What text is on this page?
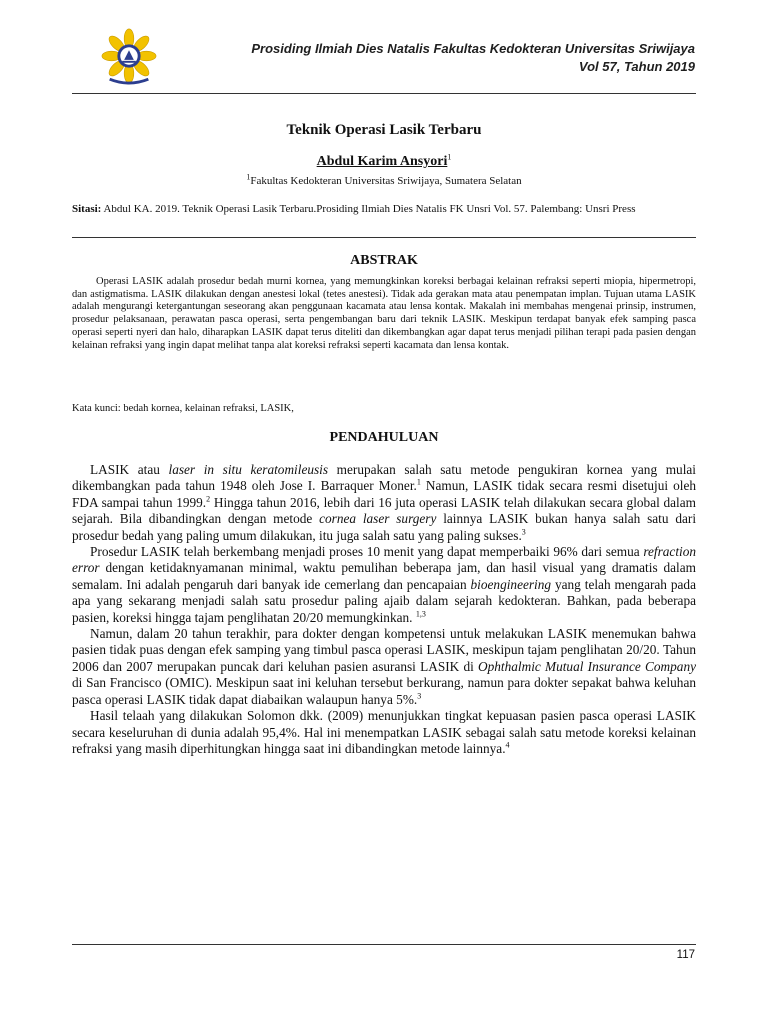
Prosiding Ilmiah Dies Natalis Fakultas Kedokteran Universitas Sriwijaya
Vol 57, Tahun 2019
Teknik Operasi Lasik Terbaru
Abdul Karim Ansyori$^1$
$^1$Fakultas Kedokteran Universitas Sriwijaya, Sumatera Selatan
Sitasi: Abdul KA. 2019. Teknik Operasi Lasik Terbaru.Prosiding Ilmiah Dies Natalis FK Unsri Vol. 57. Palembang: Unsri Press
ABSTRAK

Operasi LASIK adalah prosedur bedah murni kornea, yang memungkinkan koreksi berbagai kelainan refraksi seperti miopia, hipermetropi, dan astigmatisma. LASIK dilakukan dengan anestesi lokal (tetes anestesi). Tidak ada gerakan mata atau penempatan implan. Tujuan utama LASIK adalah mengurangi ketergantungan seseorang akan penggunaan kacamata atau lensa kontak. Makalah ini membahas mengenai prinsip, instrumen, prosedur pelaksanaan, perawatan pasca operasi, serta pengembangan baru dari teknik LASIK. Meskipun terdapat banyak efek samping pasca operasi seperti nyeri dan halo, diharapkan LASIK dapat terus diteliti dan dikembangkan agar dapat terus menjadi pilihan terapi pada pasien dengan kelainan refraksi yang ingin dapat melihat tanpa alat koreksi refraksi seperti kacamata dan lensa kontak.

Kata kunci: bedah kornea, kelainan refraksi, LASIK,
PENDAHULUAN

LASIK atau laser in situ keratomileusis merupakan salah satu metode pengukiran kornea yang mulai dikembangkan pada tahun 1948 oleh Jose I. Barraquer Moner.$^1$ Namun, LASIK tidak secara resmi disetujui oleh FDA sampai tahun 1999.$^2$ Hingga tahun 2016, lebih dari 16 juta operasi LASIK telah dilakukan secara global dalam sejarah. Bila dibandingkan dengan metode cornea laser surgery lainnya LASIK bukan hanya salah satu dari prosedur bedah yang paling umum dilakukan, itu juga salah satu yang paling sukses.$^3$

Prosedur LASIK telah berkembang menjadi proses 10 menit yang dapat memperbaiki 96% dari semua refraction error dengan ketidaknyamanan minimal, waktu pemulihan beberapa jam, dan hasil visual yang dramatis dalam semalam. Ini adalah pengaruh dari banyak ide cemerlang dan pencapaian bioengineering yang telah mengarah pada apa yang sekarang menjadi salah satu prosedur paling ajaib dalam sejarah kedokteran. Bahkan, pada beberapa pasien, koreksi hingga tajam penglihatan 20/20 memungkinkan. $^{1,3}$

Namun, dalam 20 tahun terakhir, para dokter dengan kompetensi untuk melakukan LASIK menemukan bahwa pasien tidak puas dengan efek samping yang timbul pasca operasi LASIK, meskipun tajam penglihatan 20/20. Tahun 2006 dan 2007 merupakan puncak dari keluhan pasien asuransi LASIK di Ophthalmic Mutual Insurance Company di San Francisco (OMIC). Meskipun saat ini keluhan tersebut berkurang, namun para dokter sepakat bahwa keluhan pasca operasi LASIK tidak dapat diabaikan walaupun hanya 5%.$^3$

Hasil telaah yang dilakukan Solomon dkk. (2009) menunjukkan tingkat kepuasan pasien pasca operasi LASIK secara keseluruhan di dunia adalah 95,4%. Hal ini menempatkan LASIK sebagai salah satu metode koreksi kelainan refraksi yang masih diperhitungkan hingga saat ini dibandingkan metode lainnya.$^4$

117
